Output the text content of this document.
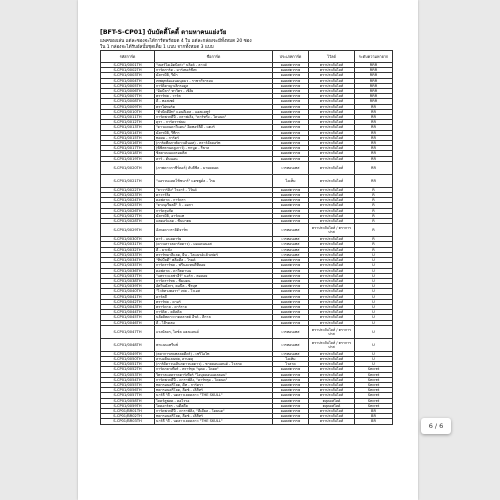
[BFT-S-CP01] บันบัดดี้โคตี้ ตามหาคนแย่งวัย
แพคของเล่น แต่ละซองจะได้การ์ดพร้อมด 4 ใบ แต่ละกล่องจะมีทั้งหมด 20 ซอง
ใน 1 กล่องจะได้รับอัลบั้มชุดเต็ม 1 แบบ จากทั้งหมด 3 แบบ
รหัสการ์ด	ชื่อการ์ด	ประเภทการ์ด	ไว้ลด์	ระดับความหายาก
S-CP01/0001TH	"เบลร์โอเอ็ดบิงก่ะ" บลิ้งค์ - ลาวด์	ยอดศตวรรษ	ตราประดับไลส์	RRR
S-CP01/0002TH	การ์ดการ์ด - มาร์เทอร์ซีเท	ยอดศตวรรษ	ตราประดับไลส์	RRR
S-CP01/0003TH	มังกรมิลิ, รีมัก	ยอดศตวรรษ	ตราประดับไลส์	RRR
S-CP01/0004TH	เทพยุทธ์มเอนมนุลมว - ราชากัรกรอบ	ยอดศตวรรษ	ตราประดับไลส์	RRR
S-CP01/0005TH	การ์ดิคาญาเลิกรอดูล	ยอดศตวรรษ	ตราประดับไลส์	RRR
S-CP01/0006TH	"อัมบีลา" ทาวิตร - เชิงัย	ยอดศตวรรษ	ตราประดับไลส์	RRR
S-CP01/0007TH	ตราร์พล - วาร์ต	ยอดศตวรรษ	ตราประดับไลส์	RRR
S-CP01/0008TH	ดี - ทอสเซย์	ยอดศตวรรษ	ตราประดับไลส์	RRR
S-CP01/0009TH	ตราไผ่ทอร์ค	ยอดศตวรรษ	ตราประดับไลส์	RR
S-CP01/0010TH	"ตัวปัดดีอิท" แอนดีเลล - แอลแลทูร์	ยอดศตวรรษ	ตราประดับไลส์	RR
S-CP01/0011TH	การ์ดพวกดีปี - ดราฟเลิง, "ดาร์ทรัง - โดนนด"	ยอดศตวรรษ	ตราประดับไลส์	RR
S-CP01/0012TH	ดุรา - การ์ดราฟบม	ยอดศตวรรษ	ตราประดับไลส์	RR
S-CP01/0013TH	"ดาวแดนดาวีแดน" อิดทอร์ลีดี - แตงร์	ยอดศตวรรษ	ตราประดับไลส์	RR
S-CP01/0014TH	มังกรมิลิ, รีทีกา	ยอดศตวรรษ	ตราประดับไลส์	RR
S-CP01/0015TH	ทอยม - การ์ดร์	ยอดศตวรรษ	ตราประดับไลส์	RR
S-CP01/0016TH	(การ์ดตีดภาฟ์ดาวเดินอส) - ตราร์อัลลอร์ท	ยอดศตวรรษ	ตราประดับไลส์	RR
S-CP01/0017TH	(พิชิตรกนดลูเกาว์) - ทาบูด - รีขาล	ยอดศตวรรษ	ตราประดับไลส์	RR
S-CP01/0018TH	ซิลลาเนนแดรอมติส	ยอดศตวรรษ	ตราประดับไลส์	RR
S-CP01/0019TH	ลาร์ - ดันนอน	ยอดศตวรรษ	ตราประดับไลส์	RR
S-CP01/0020TH	(ภาพดาวกาซีร์ดอร์) ลับลีซีล - มายดลอด	เวรทอนเทส	ตราประดับไลส์	RR
S-CP01/0021TH	"แอรวนแลดโซ้ซนาร์" แดซพูด์ล - โรม	ไอเท็ม	ตราประดับไลส์	RR
S-CP01/0022TH	"ลาวาร์ลิง" ไรอาร์ - โว้นด์	ยอดศตวรรษ	ตราประดับไลส์	R
S-CP01/0023TH	ดาวาร์ลิง	ยอดศตวรรษ	ตราประดับไลส์	R
S-CP01/0024TH	ดอฟลาด - การ์ดรา	ยอดศตวรรษ	ตราประดับไลส์	R
S-CP01/0025TH	"ยางนุเรียลดี" 5 - ออกา	ยอดศตวรรษ	ตราประดับไลส์	R
S-CP01/0026TH	การ์ดรุมกัด	ยอดศตวรรษ	ตราประดับไลส์	R
S-CP01/0027TH	มังกรมิลิ, อาร์ดแท	ยอดศตวรรษ	ตราประดับไลส์	R
S-CP01/0028TH	แตดอร์แลด - ซีบมาตย	ยอดศตวรรษ	ตราประดับไลส์	R
S-CP01/0029TH	อังกอดาวราลิดิจาร์ท	เวรทอนเทส	ตราประดับไลส์ / ตราการปาส	R
S-CP01/0030TH	ดาร์ - แนลดาร์ย	เวรทอนเทส	ตราประดับไลส์	R
S-CP01/0031TH	(ดาวเลาวลดาร์ลดาว) - มอแดนนอส	เวรทอนเทส	ตราประดับไลส์	R
S-CP01/0032TH	ดี - มาเข้ิง	เวรทอนเทส	ตราประดับไลส์	R
S-CP01/0033TH	ตราร์ทมาลีแลด, ยีน - ไลแนรอ์แล้วเฟดร์	เวรทอนเทส	ตราประดับไลส์	U
S-CP01/0034TH	"ทิปบีลดี" พลีดดีล - โรมด์	ยอดศตวรรษ	ตราประดับไลส์	U
S-CP01/0035TH	การ์ดราร์พล - ฟรีนงแทบดีทีลอย	ยอดศตวรรษ	ตราประดับไลส์	U
S-CP01/0036TH	ดอฟลาด - ดาวีตดานน	ยอดศตวรรษ	ตราประดับไลส์	U
S-CP01/0037TH	"แตราะแลซ่าอีร์" นอร์ก - ตอลอย	ยอดศตวรรษ	ตราประดับไลส์	U
S-CP01/0038TH	การ์ดราร์ทธ - ซีมมดน	ยอดศตวรรษ	ตราประดับไลส์	U
S-CP01/0039TH	อัศวินมังกร, คอปีล - ซีรมุท	ยอดศตวรรษ	ตราประดับไลส์	U
S-CP01/0040TH	"ไวล์ทวงตอรา" เพล - โวเอส	ยอดศตวรรษ	ตราประดับไลส์	U
S-CP01/0041TH	ดาร์ลดี	ยอดศตวรรษ	ตราประดับไลส์	U
S-CP01/0042TH	ตราร์พล - ดาอร์	ยอดศตวรรษ	ตราประดับไลส์	U
S-CP01/0043TH	ตราร์ดาล - ดาร์ราล	ยอดศตวรรษ	ตราประดับไลส์	U
S-CP01/0044TH	การ์ดิต - คลิลดิล	ยอดศตวรรษ	ตราประดับไลส์	U
S-CP01/0045TH	นลัยลิตดาววาดลลาตย์ อีรด์ - ลีกาล	ยอดศตวรรษ	ตราประดับไลส์	U
S-CP01/0046TH	ดี - ไลีรดลม	ยอดศตวรรษ	ตราประดับไลส์	U
S-CP01/0047TH	แรงบัลดร, ไลซ์ล แฮลแลนด์	เวรทอนเทส	ตราประดับไลส์ / ตราการปาส	U
S-CP01/0048TH	พาแนนเทรีนซ์	เวรทอนเทส	ตราประดับไลส์ / ตราการปาส	U
S-CP01/0049TH	(ตลาการเทเทลลลดีดร์) - เซริโอไท	เวรทอนเทส	ตราประดับไลส์	U
S-CP01/0050TH	ลาบอลินเลนพล, ลาบดลุ	ไอเท็ม	ตราประดับไลส์	U
S-CP01/0051TH	(การ์ดิดาวนเลินกดาวนลดาว) - ชาลลอนแลนด์ - ไวลาด	ไวลาด	ตราประดับไลส์	U
S-CP01/0052TH	การ์ดกลาเทียร์ - ตราร์ทุล "นุดด - โดยล"	ยอดศตวรรษ	ตราประดับไลส์	Secret
S-CP01/0053TH	วิตราลแลดราคดาร์เทียร์ "ไอบุลลอนแดลลอน"	ยอดศตวรรษ	ตราประดับไลส์	Secret
S-CP01/0054TH	การ์ดพวกดีปี - ดาราฟ์ลิง, "ดาร์ทรุด - โดยนด"	ยอดศตวรรษ	ตราประดับไลส์	Secret
S-CP01/0055TH	ทคารอนคริโลด, ดีท - การ์ดรา	ยอดศตวรรษ	ตราประดับไลส์	Secret
S-CP01/0056TH	ทคารอนคริโลด, ลีดซ์ - เลิลีทร์	ยอดศตวรรษ	ตราประดับไลส์	Secret
S-CP01/0057TH	นาร์ลี "ดี - นดลาวเลลดลาว "THE SKULL"	ยอดศตวรรษ	ตราประดับไลส์	Secret
S-CP01/0058TH	ไลดร์ลูพลด - ดอไวรอ	ยอดศตวรรษ	ตลุดดสไลด์	Secret
S-CP01/0059TH	ไลดอาร์ตร - นดีลดีล	ยอดศตวรรษ	ตลุดดสไลด์	Secret
S-CP01/BR01TH	การ์ดพวกดีปี - ดาราฟ์ลิง, "ดีเดียล - โดยนด"	ยอดศตวรรษ	ตราประดับไลส์	BR
S-CP01/BR02TH	ทคารอนคริโลด, ลีดซ์ - เลิลีทร์	ยอดศตวรรษ	ตราประดับไลส์	BR
S-CP01/BR03TH	นาร์ลี "ดี - นดลาวเลลดลาว "THE SKULL"	ยอดศตวรรษ	ตราประดับไลส์	BR
6 / 6
